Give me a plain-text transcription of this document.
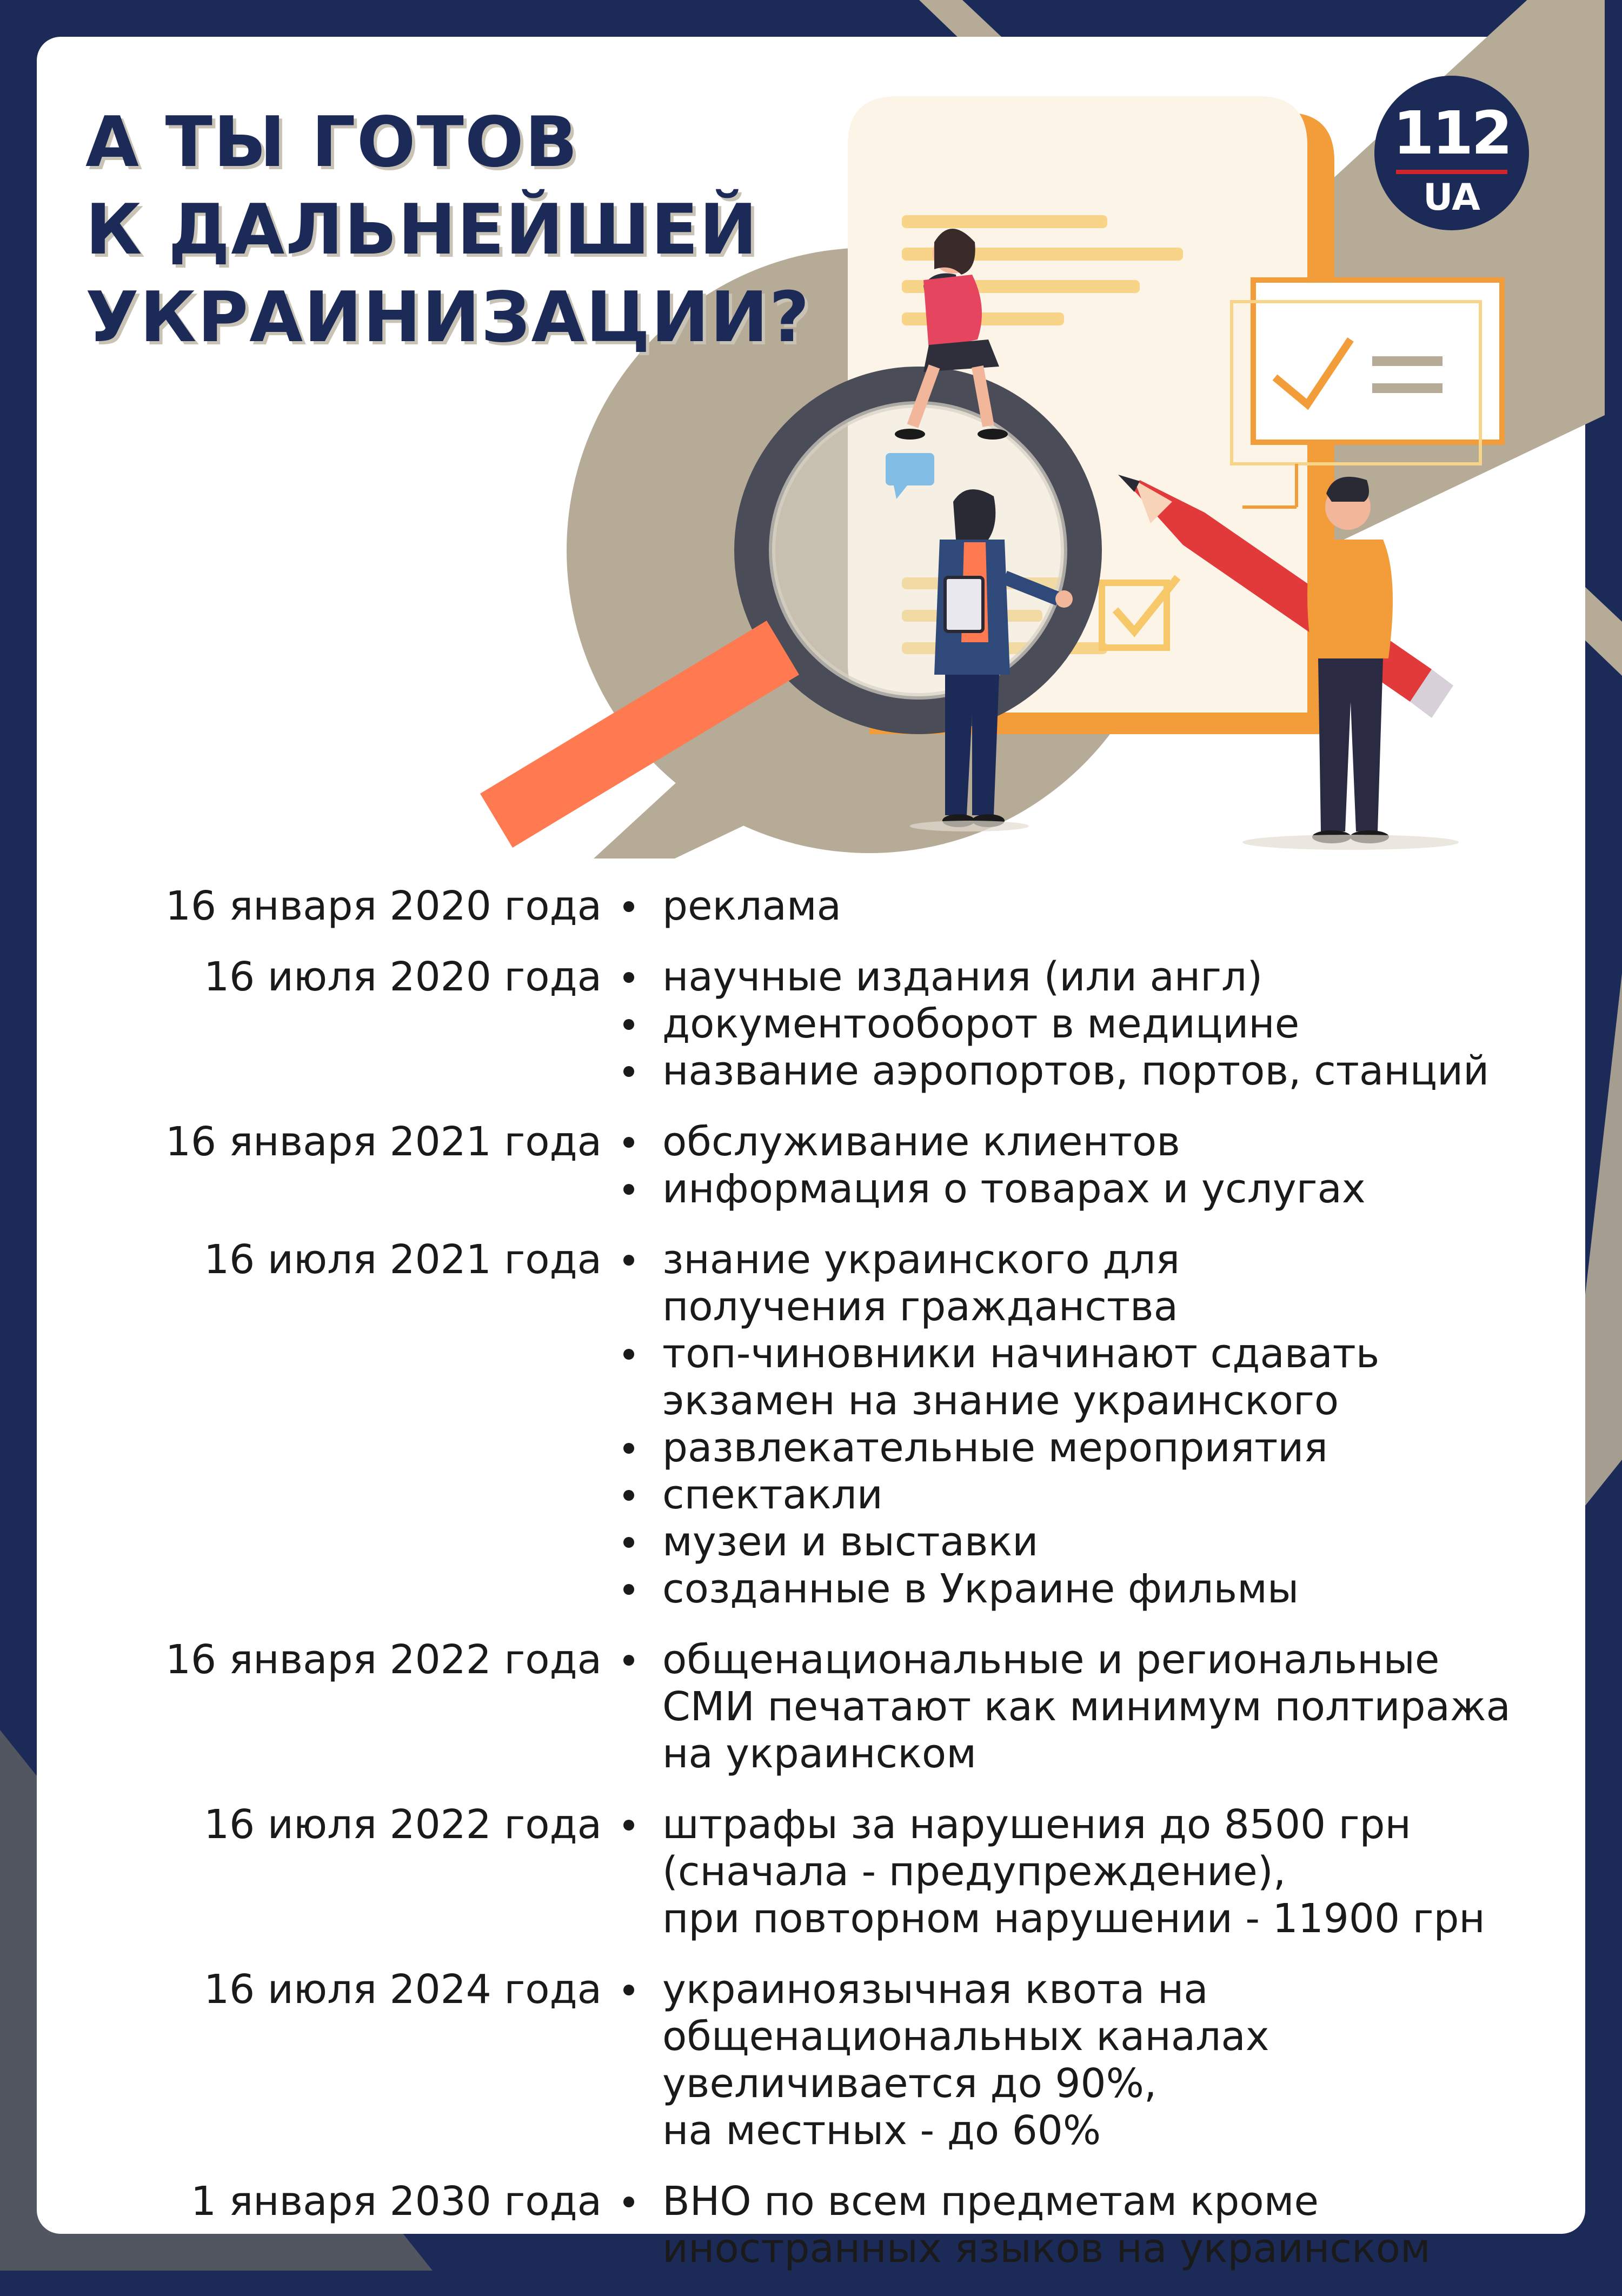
А ТЫ ГОТОВ
К ДАЛЬНЕЙШЕЙ
УКРАИНИЗАЦИИ?
112
UA
16 января 2020 года	реклама
16 июля 2020 года	научные издания (или англ)
документооборот в медицине
название аэропортов, портов, станций
16 января 2021 года	обслуживание клиентов
информация о товарах и услугах
16 июля 2021 года	знание украинского для
получения гражданства
топ-чиновники начинают сдавать
экзамен на знание украинского
развлекательные мероприятия
спектакли
музеи и выставки
созданные в Украине фильмы
16 января 2022 года	общенациональные и региональные
СМИ печатают как минимум полтиража
на украинском
16 июля 2022 года	штрафы за нарушения до 8500 грн
(сначала - предупреждение),
при повторном нарушении - 11900 грн
16 июля 2024 года	украиноязычная квота на
общенациональных каналах
увеличивается до 90%,
на местных - до 60%
1 января 2030 года	ВНО по всем предметам кроме
иностранных языков на украинском
